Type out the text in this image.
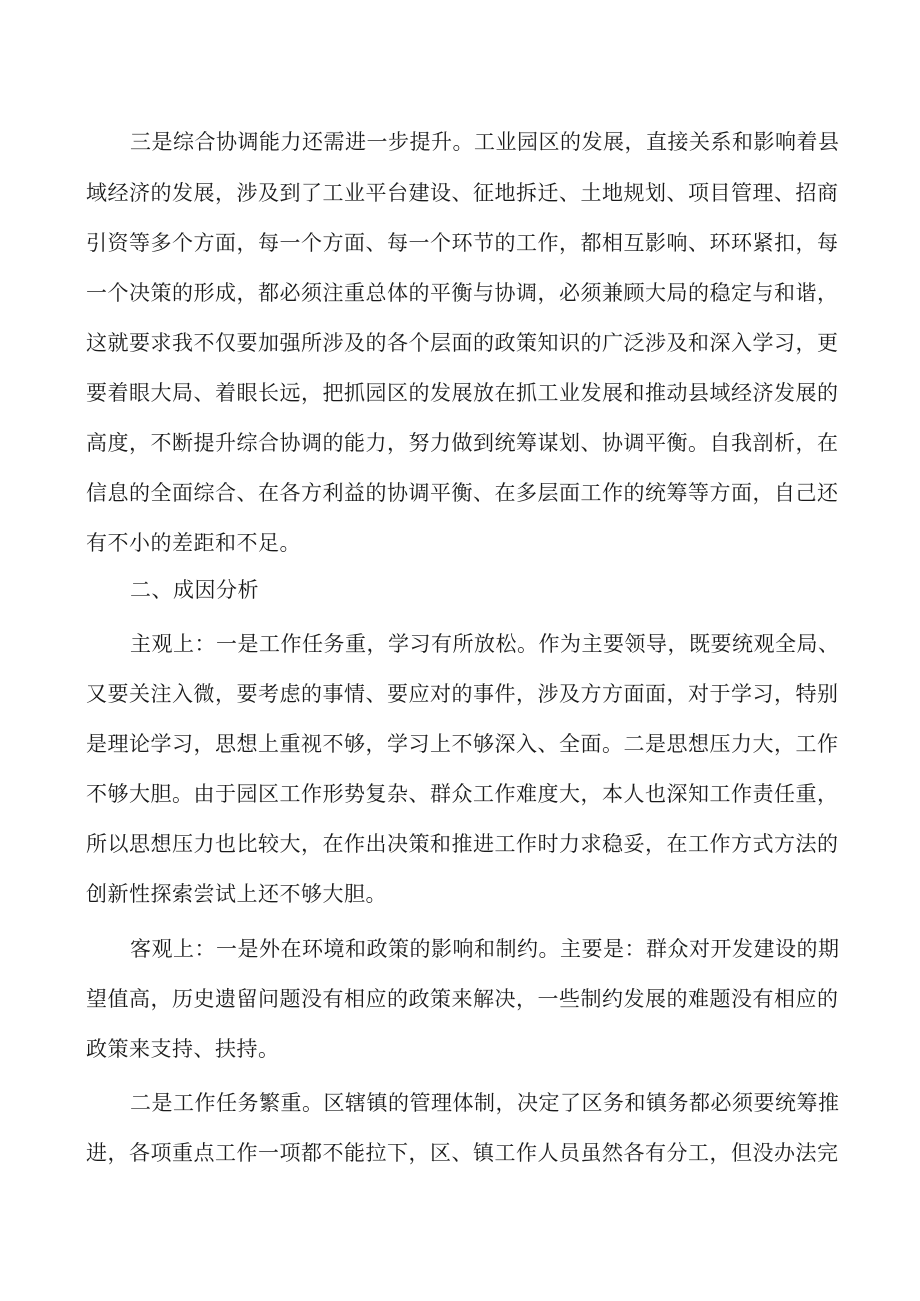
三是综合协调能力还需进一步提升。工业园区的发展，直接关系和影响着县
域经济的发展，涉及到了工业平台建设、征地拆迁、土地规划、项目管理、招商
引资等多个方面，每一个方面、每一个环节的工作，都相互影响、环环紧扣，每
一个决策的形成，都必须注重总体的平衡与协调，必须兼顾大局的稳定与和谐，
这就要求我不仅要加强所涉及的各个层面的政策知识的广泛涉及和深入学习，更
要着眼大局、着眼长远，把抓园区的发展放在抓工业发展和推动县域经济发展的
高度，不断提升综合协调的能力，努力做到统筹谋划、协调平衡。自我剖析，在
信息的全面综合、在各方利益的协调平衡、在多层面工作的统筹等方面，自己还
有不小的差距和不足。
二、成因分析
主观上：一是工作任务重，学习有所放松。作为主要领导，既要统观全局、
又要关注入微，要考虑的事情、要应对的事件，涉及方方面面，对于学习，特别
是理论学习，思想上重视不够，学习上不够深入、全面。二是思想压力大，工作
不够大胆。由于园区工作形势复杂、群众工作难度大，本人也深知工作责任重，
所以思想压力也比较大，在作出决策和推进工作时力求稳妥，在工作方式方法的
创新性探索尝试上还不够大胆。
客观上：一是外在环境和政策的影响和制约。主要是：群众对开发建设的期
望值高，历史遗留问题没有相应的政策来解决，一些制约发展的难题没有相应的
政策来支持、扶持。
二是工作任务繁重。区辖镇的管理体制，决定了区务和镇务都必须要统筹推
进，各项重点工作一项都不能拉下，区、镇工作人员虽然各有分工，但没办法完
